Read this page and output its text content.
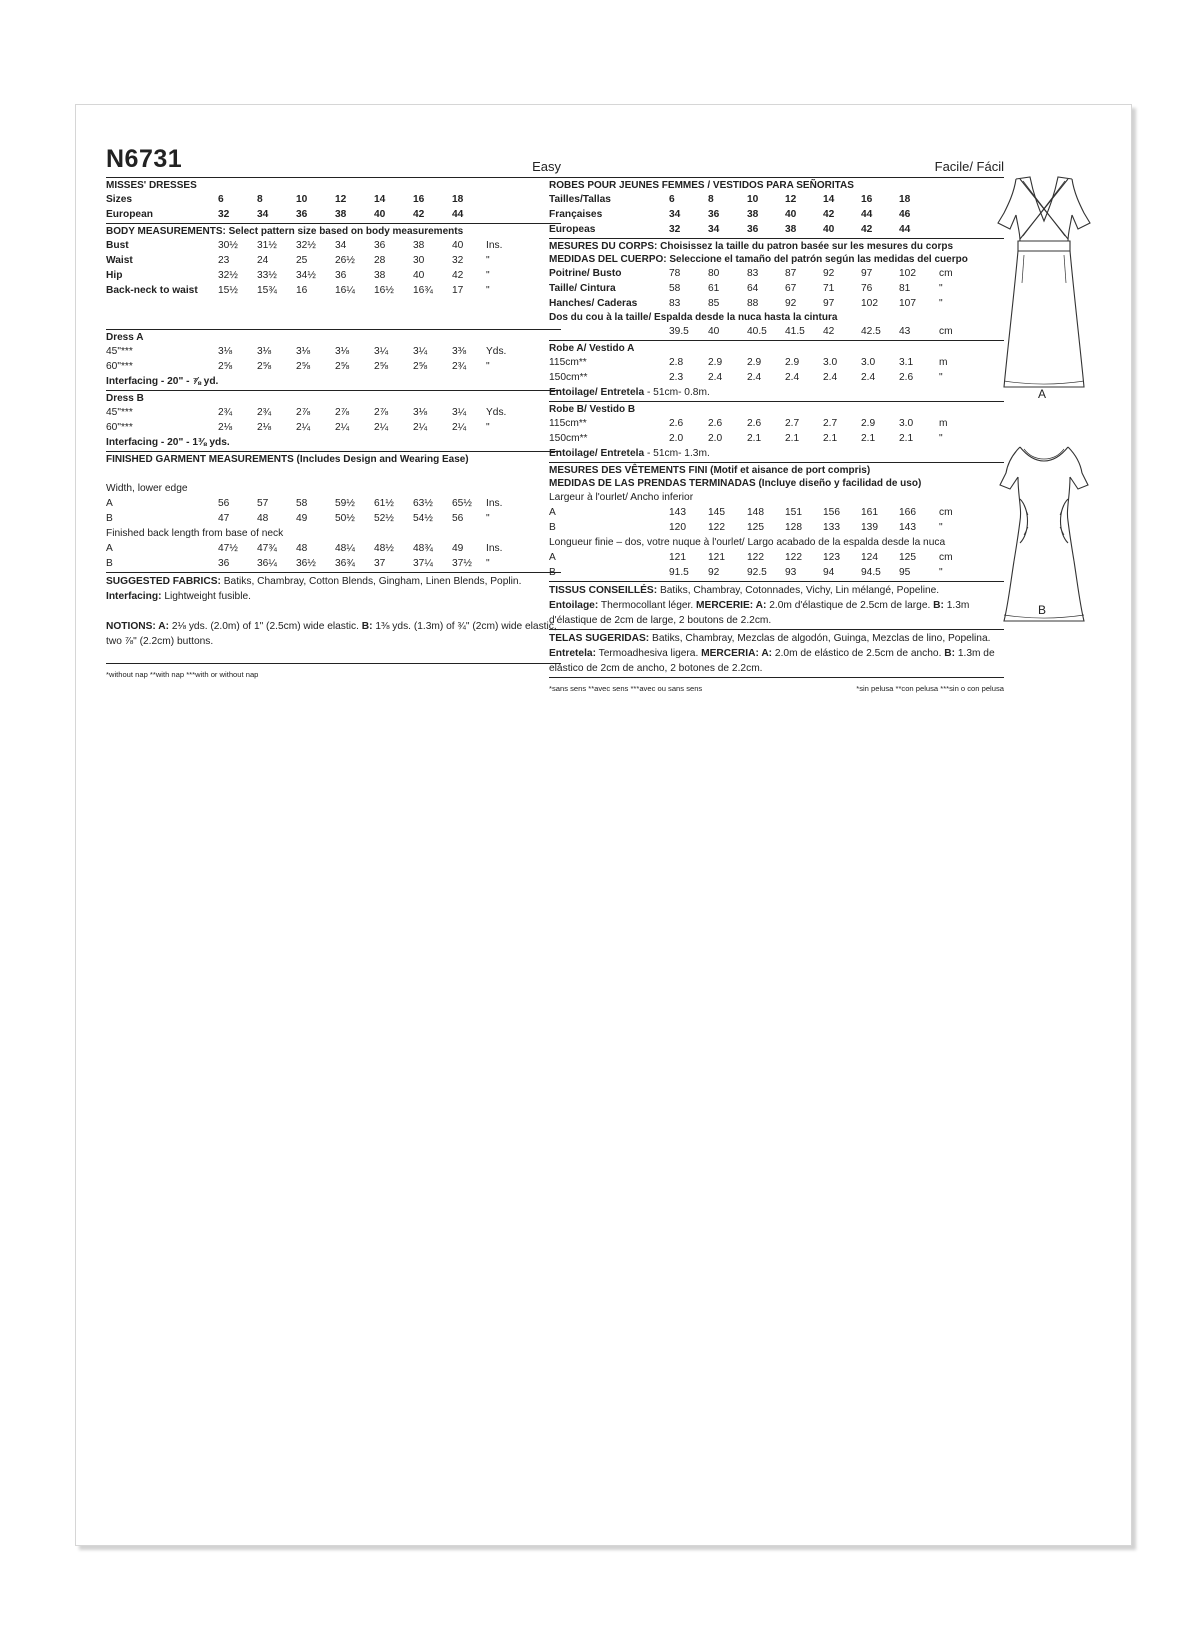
N6731	Easy
MISSES' DRESSES
Sizes	6	8	10	12	14	16	18
European	32	34	36	38	40	42	44
BODY MEASUREMENTS: Select pattern size based on body measurements
Bust	30½	31½	32½	34	36	38	40	Ins.
Waist	23	24	25	26½	28	30	32	"
Hip	32½	33½	34½	36	38	40	42	"
Back-neck to waist 15½	15¾	16	16¼	16½	16¾	17	"
Dress A
45"***	3⅛	3⅛	3⅛	3⅛	3¼	3¼	3⅜	Yds.
60"***	2⅝	2⅝	2⅝	2⅝	2⅝	2⅝	2¾	"
Interfacing - 20" - ⅞ yd.
Dress B
45"***	2¾	2¾	2⅞	2⅞	2⅞	3⅛	3¼	Yds.
60"***	2⅛	2⅛	2¼	2¼	2¼	2¼	2¼	"
Interfacing - 20" - 1⅜ yds.
FINISHED GARMENT MEASUREMENTS (Includes Design and Wearing Ease)
Width, lower edge
A	56	57	58	59½	61½	63½	65½	Ins.
B	47	48	49	50½	52½	54½	56	"
Finished back length from base of neck
A	47½	47¾	48	48¼	48½	48¾	49	Ins.
B	36	36¼	36½	36¾	37	37¼	37½	"
SUGGESTED FABRICS: Batiks, Chambray, Cotton Blends, Gingham, Linen Blends, Poplin.
Interfacing: Lightweight fusible.
NOTIONS: A: 2⅛ yds. (2.0m) of 1" (2.5cm) wide elastic. B: 1⅜ yds. (1.3m) of ¾" (2cm) wide elastic, two ⅞" (2.2cm) buttons.
*without nap **with nap ***with or without nap
Facile/ Fácil
ROBES POUR JEUNES FEMMES / VESTIDOS PARA SEÑORITAS
Tailles/Tallas	6	8	10	12	14	16	18
Françaises	34	36	38	40	42	44	46
Europeas	32	34	36	38	40	42	44
MESURES DU CORPS: Choisissez la taille du patron basée sur les mesures du corps
MEDIDAS DEL CUERPO: Seleccione el tamaño del patrón según las medidas del cuerpo
Poitrine/ Busto	78	80	83	87	92	97	102	cm
Taille/ Cintura	58	61	64	67	71	76	81	"
Hanches/ Caderas	83	85	88	92	97	102	107	"
Dos du cou à la taille/ Espalda desde la nuca hasta la cintura
39.5	40	40.5	41.5	42	42.5	43	cm
Robe A/ Vestido A
115cm**	2.8	2.9	2.9	2.9	3.0	3.0	3.1	m
150cm**	2.3	2.4	2.4	2.4	2.4	2.4	2.6	"
Entoilage/ Entretela - 51cm- 0.8m.
Robe B/ Vestido B
115cm**	2.6	2.6	2.6	2.7	2.7	2.9	3.0	m
150cm**	2.0	2.0	2.1	2.1	2.1	2.1	2.1	"
Entoilage/ Entretela - 51cm- 1.3m.
MESURES DES VÊTEMENTS FINI (Motif et aisance de port compris)
MEDIDAS DE LAS PRENDAS TERMINADAS (Incluye diseño y facilidad de uso)
Largeur à l'ourlet/ Ancho inferior
A	143	145	148	151	156	161	166	cm
B	120	122	125	128	133	139	143	"
Longueur finie – dos, votre nuque à l'ourlet/ Largo acabado de la espalda desde la nuca
A	121	121	122	122	123	124	125	cm
B	91.5	92	92.5	93	94	94.5	95	"
TISSUS CONSEILLÉS: Batiks, Chambray, Cotonnades, Vichy, Lin mélangé, Popeline.
Entoilage: Thermocollant léger. MERCERIE: A: 2.0m d'élastique de 2.5cm de large. B: 1.3m d'élastique de 2cm de large, 2 boutons de 2.2cm.
TELAS SUGERIDAS: Batiks, Chambray, Mezclas de algodón, Guinga, Mezclas de lino, Popelina.
Entretela: Termoadhesiva ligera. MERCERIA: A: 2.0m de elástico de 2.5cm de ancho. B: 1.3m de elástico de 2cm de ancho, 2 botones de 2.2cm.
*sans sens **avec sens ***avec ou sans sens	*sin pelusa **con pelusa ***sin o con pelusa
A
B
